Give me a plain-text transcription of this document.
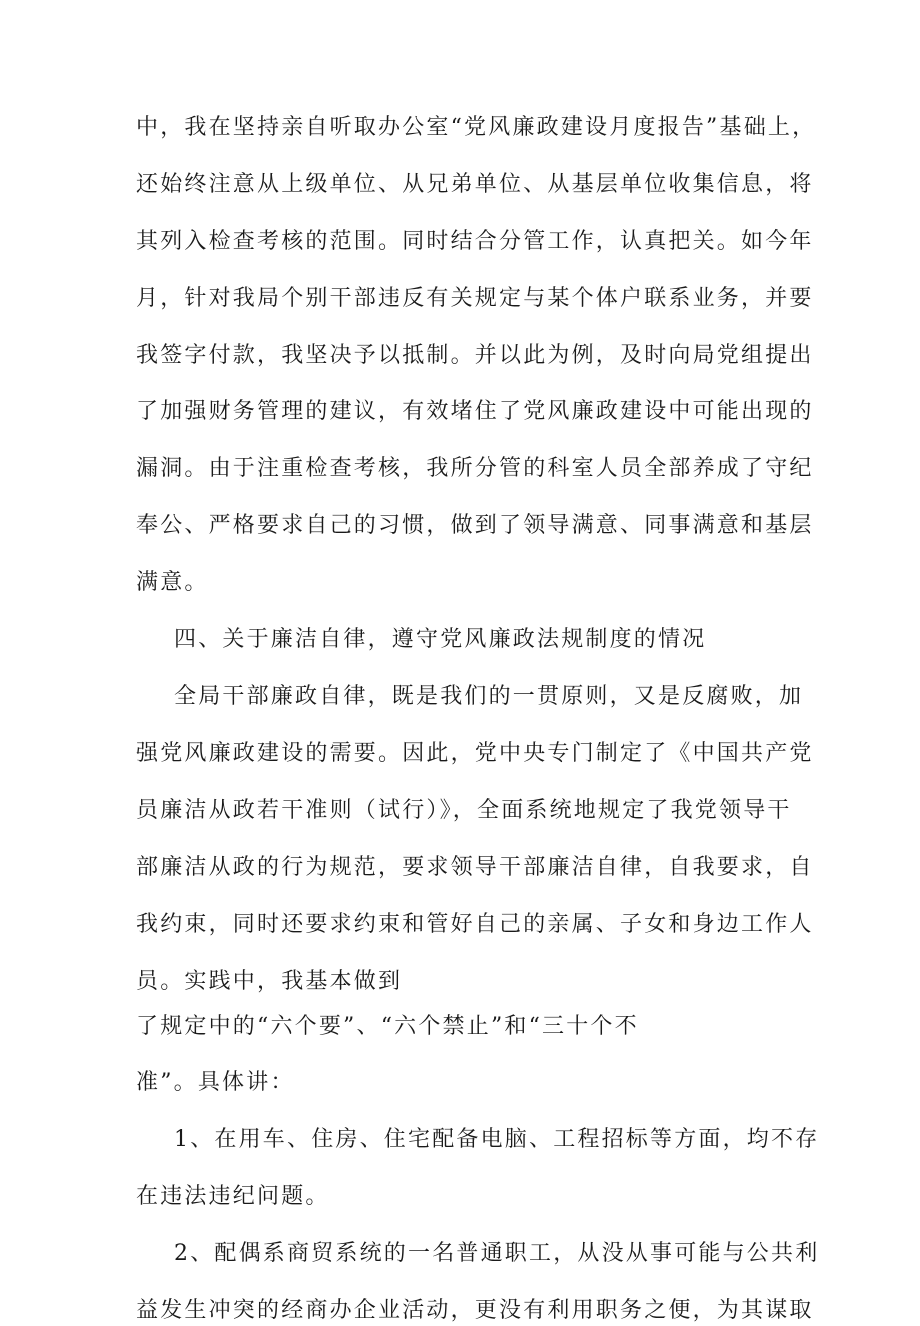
中，我在坚持亲自听取办公室“党风廉政建设月度报告”基础上，
还始终注意从上级单位、从兄弟单位、从基层单位收集信息，将
其列入检查考核的范围。同时结合分管工作，认真把关。如今年
月，针对我局个别干部违反有关规定与某个体户联系业务，并要
我签字付款，我坚决予以抵制。并以此为例，及时向局党组提出
了加强财务管理的建议，有效堵住了党风廉政建设中可能出现的
漏洞。由于注重检查考核，我所分管的科室人员全部养成了守纪
奉公、严格要求自己的习惯，做到了领导满意、同事满意和基层
满意。
四、关于廉洁自律，遵守党风廉政法规制度的情况
全局干部廉政自律，既是我们的一贯原则，又是反腐败，加
强党风廉政建设的需要。因此，党中央专门制定了《中国共产党
员廉洁从政若干准则（试行）》，全面系统地规定了我党领导干
部廉洁从政的行为规范，要求领导干部廉洁自律，自我要求，自
我约束，同时还要求约束和管好自己的亲属、子女和身边工作人
员。实践中，我基本做到
了规定中的“六个要”、“六个禁止”和“三十个不
准”。具体讲：
1、在用车、住房、住宅配备电脑、工程招标等方面，均不存
在违法违纪问题。
2、配偶系商贸系统的一名普通职工，从没从事可能与公共利
益发生冲突的经商办企业活动，更没有利用职务之便，为其谋取
